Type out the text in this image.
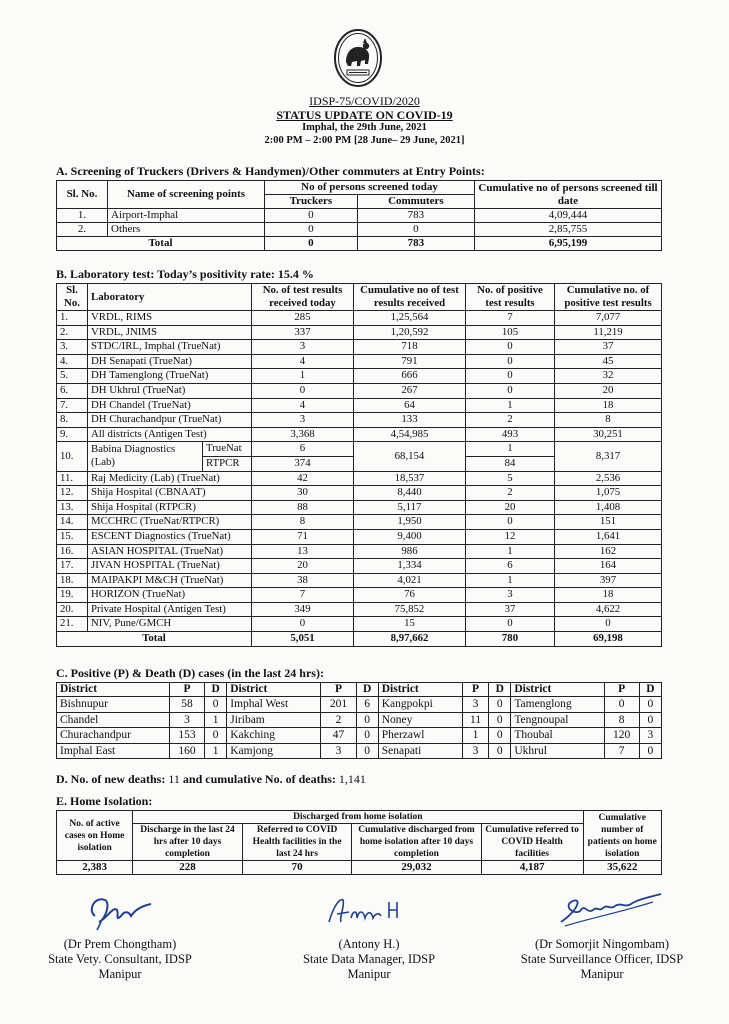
IDSP-75/COVID/2020
STATUS UPDATE ON COVID-19
Imphal, the 29th June, 2021
2:00 PM – 2:00 PM [28 June– 29 June, 2021]
A. Screening of Truckers (Drivers & Handymen)/Other commuters at Entry Points:
Sl. No.	Name of screening points	No of persons screened today		Cumulative no of persons screened till date
		Truckers	Commuters	
1.	Airport-Imphal	0	783	4,09,444
2.	Others	0	0	2,85,755
Total		0	783	6,95,199
B. Laboratory test: Today’s positivity rate: 15.4 %
Sl. No.	Laboratory		No. of test results received today	Cumulative no of test results received	No. of positive test results	Cumulative no. of positive test results
1.	VRDL, RIMS		285	1,25,564	7	7,077
2.	VRDL, JNIMS		337	1,20,592	105	11,219
3.	STDC/IRL, Imphal (TrueNat)		3	718	0	37
4.	DH Senapati (TrueNat)		4	791	0	45
5.	DH Tamenglong (TrueNat)		1	666	0	32
6.	DH Ukhrul (TrueNat)		0	267	0	20
7.	DH Chandel (TrueNat)		4	64	1	18
8.	DH Churachandpur (TrueNat)		3	133	2	8
9.	All districts (Antigen Test)		3,368	4,54,985	493	30,251
10.	Babina Diagnostics
(Lab)	TrueNat	6	68,154	1	8,317
		RTPCR	374		84	
11.	Raj Medicity (Lab) (TrueNat)		42	18,537	5	2,536
12.	Shija Hospital (CBNAAT)		30	8,440	2	1,075
13.	Shija Hospital (RTPCR)		88	5,117	20	1,408
14.	MCCHRC (TrueNat/RTPCR)		8	1,950	0	151
15.	ESCENT Diagnostics (TrueNat)		71	9,400	12	1,641
16.	ASIAN HOSPITAL (TrueNat)		13	986	1	162
17.	JIVAN HOSPITAL (TrueNat)		20	1,334	6	164
18.	MAIPAKPI M&CH (TrueNat)		38	4,021	1	397
19.	HORIZON (TrueNat)		7	76	3	18
20.	Private Hospital (Antigen Test)		349	75,852	37	4,622
21.	NIV, Pune/GMCH		0	15	0	0
Total			5,051	8,97,662	780	69,198
C. Positive (P) & Death (D) cases (in the last 24 hrs):
District	P	D	District	P	D	District	P	D	District	P	D
Bishnupur	58	0	Imphal West	201	6	Kangpokpi	3	0	Tamenglong	0	0
Chandel	3	1	Jiribam	2	0	Noney	11	0	Tengnoupal	8	0
Churachandpur	153	0	Kakching	47	0	Pherzawl	1	0	Thoubal	120	3
Imphal East	160	1	Kamjong	3	0	Senapati	3	0	Ukhrul	7	0
D. No. of new deaths: 11 and cumulative No. of deaths: 1,141
E. Home Isolation:
No. of active cases on Home isolation	Discharged from home isolation				Cumulative number of patients on home isolation
	Discharge in the last 24 hrs after 10 days completion	Referred to COVID Health facilities in the last 24 hrs	Cumulative discharged from home isolation after 10 days completion	Cumulative referred to COVID Health facilities	
2,383	228	70	29,032	4,187	35,622
(Dr Prem Chongtham)
State Vety. Consultant, IDSP
Manipur
(Antony H.)
State Data Manager, IDSP
Manipur
(Dr Somorjit Ningombam)
State Surveillance Officer, IDSP
Manipur
